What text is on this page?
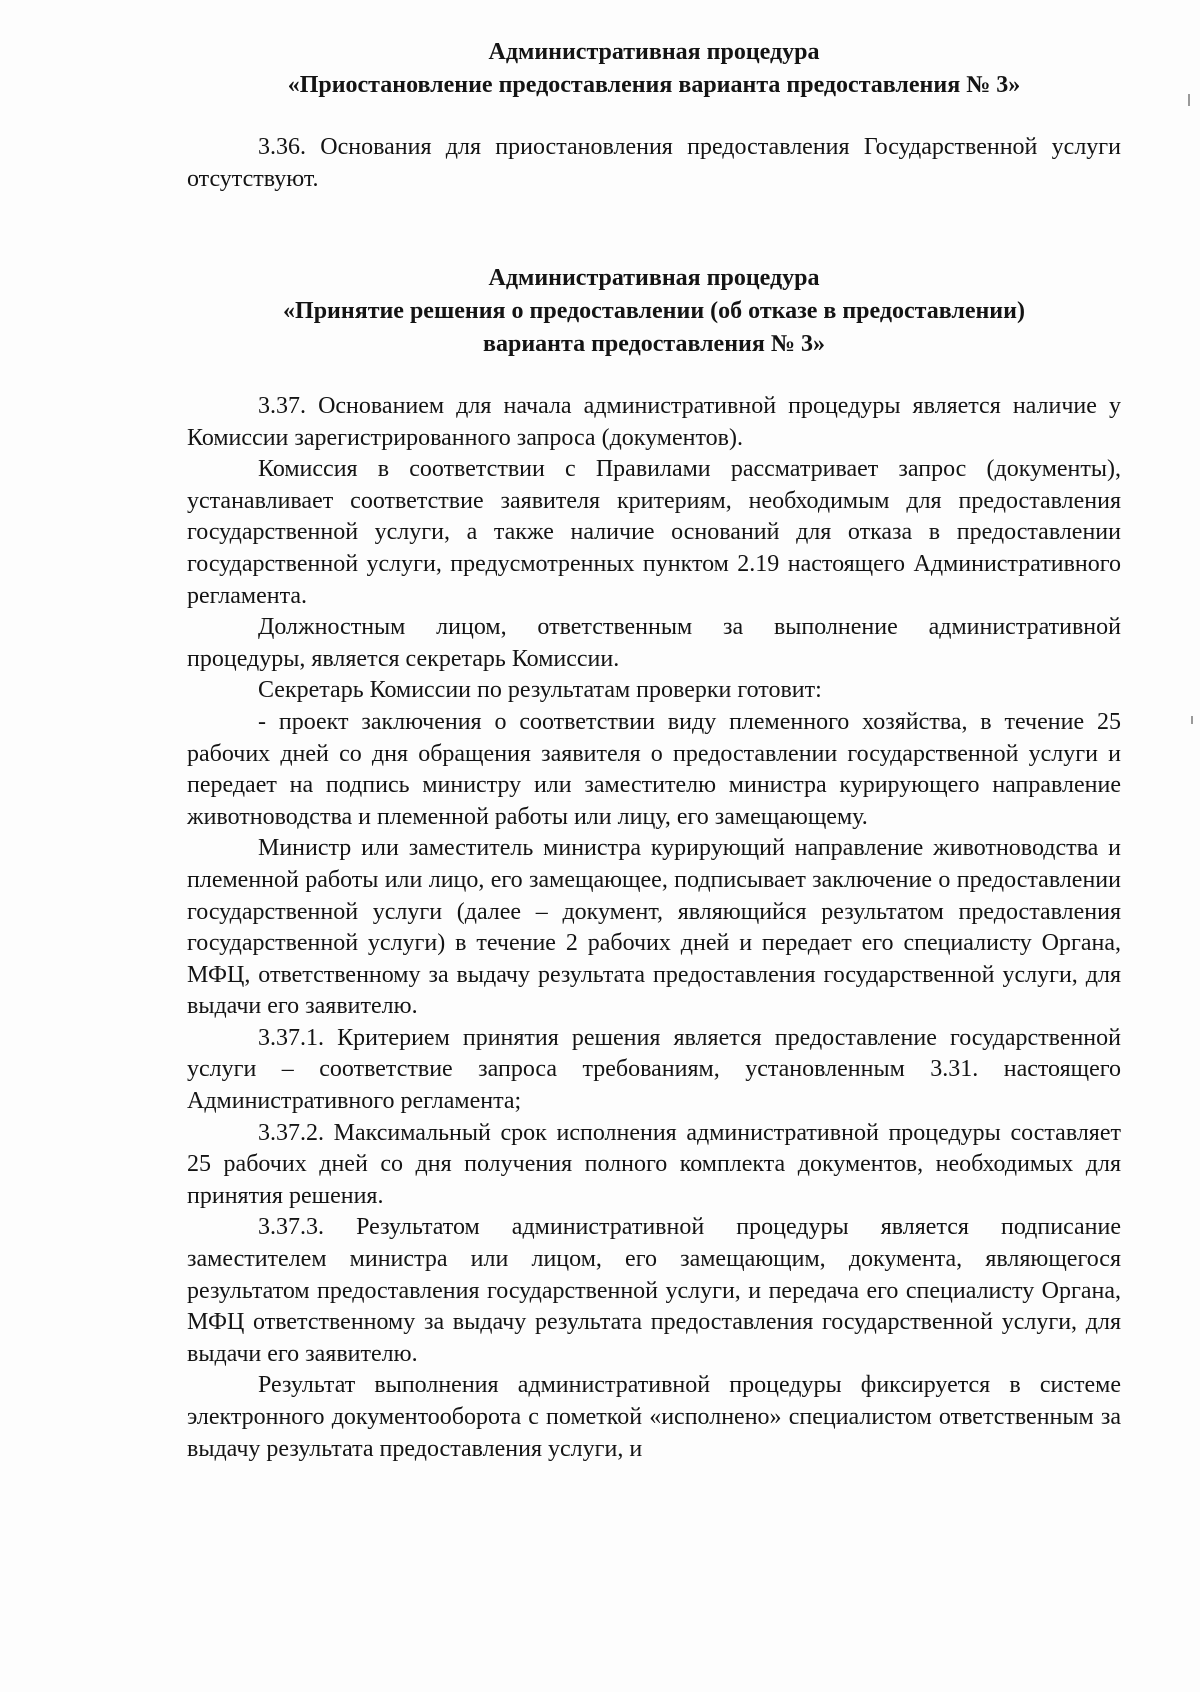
Административная процедура

«Приостановление предоставления варианта предоставления № 3»

3.36. Основания для приостановления предоставления Государственной услуги отсутствуют.

Административная процедура

«Принятие решения о предоставлении (об отказе в предоставлении)

варианта предоставления № 3»

3.37. Основанием для начала административной процедуры является наличие у Комиссии зарегистрированного запроса (документов).

Комиссия в соответствии с Правилами рассматривает запрос (документы), устанавливает соответствие заявителя критериям, необходимым для предоставления государственной услуги, а также наличие оснований для отказа в предоставлении государственной услуги, предусмотренных пунктом 2.19 настоящего Административного регламента.

Должностным лицом, ответственным за выполнение административной процедуры, является секретарь Комиссии.

Секретарь Комиссии по результатам проверки готовит:

- проект заключения о соответствии виду племенного хозяйства, в течение 25 рабочих дней со дня обращения заявителя о предоставлении государственной услуги и передает на подпись министру или заместителю министра курирующего направление животноводства и племенной работы или лицу, его замещающему.

Министр или заместитель министра курирующий направление животноводства и племенной работы или лицо, его замещающее, подписывает заключение о предоставлении государственной услуги (далее – документ, являющийся результатом предоставления государственной услуги) в течение 2 рабочих дней и передает его специалисту Органа, МФЦ, ответственному за выдачу результата предоставления государственной услуги, для выдачи его заявителю.

3.37.1. Критерием принятия решения является предоставление государственной услуги – соответствие запроса требованиям, установленным 3.31. настоящего Административного регламента;

3.37.2. Максимальный срок исполнения административной процедуры составляет 25 рабочих дней со дня получения полного комплекта документов, необходимых для принятия решения.

3.37.3. Результатом административной процедуры является подписание заместителем министра или лицом, его замещающим, документа, являющегося результатом предоставления государственной услуги, и передача его специалисту Органа, МФЦ ответственному за выдачу результата предоставления государственной услуги, для выдачи его заявителю.

Результат выполнения административной процедуры фиксируется в системе электронного документооборота с пометкой «исполнено» специалистом ответственным за выдачу результата предоставления услуги, и
